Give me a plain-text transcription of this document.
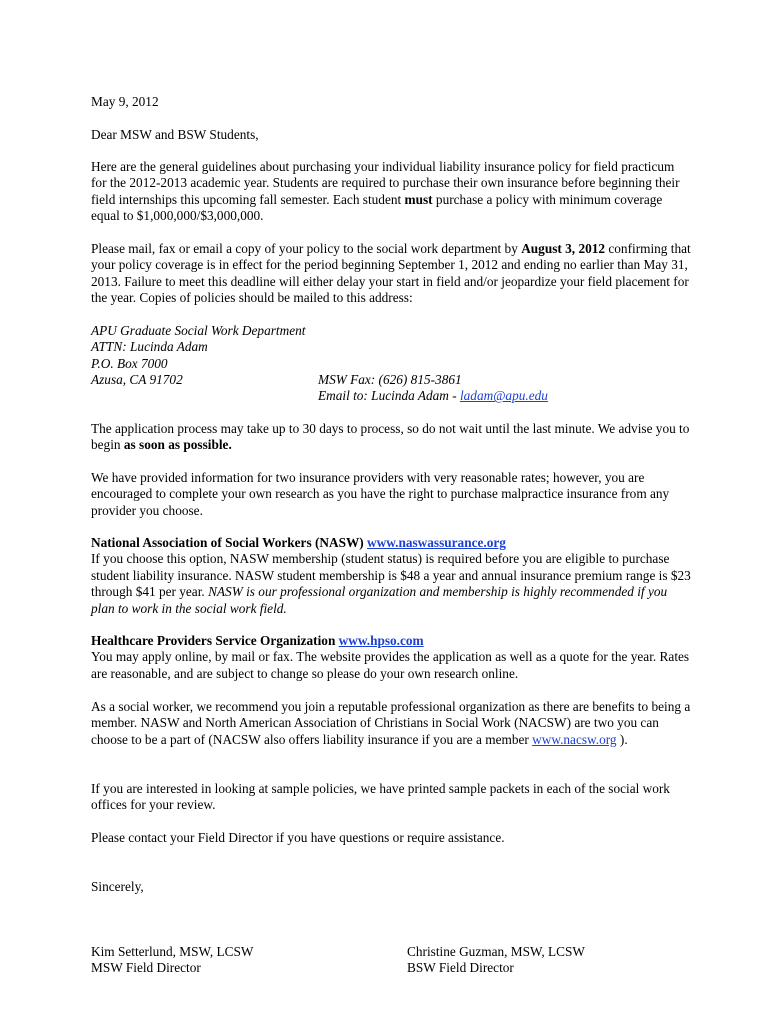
May 9, 2012

Dear MSW and BSW Students,

Here are the general guidelines about purchasing your individual liability insurance policy for field practicum for the 2012-2013 academic year. Students are required to purchase their own insurance before beginning their field internships this upcoming fall semester. Each student must purchase a policy with minimum coverage equal to $1,000,000/$3,000,000.

Please mail, fax or email a copy of your policy to the social work department by August 3, 2012 confirming that your policy coverage is in effect for the period beginning September 1, 2012 and ending no earlier than May 31, 2013. Failure to meet this deadline will either delay your start in field and/or jeopardize your field placement for the year. Copies of policies should be mailed to this address:

APU Graduate Social Work Department
ATTN: Lucinda Adam
P.O. Box 7000
Azusa, CA 91702	MSW Fax: (626) 815-3861
Email to: Lucinda Adam - ladam@apu.edu

The application process may take up to 30 days to process, so do not wait until the last minute. We advise you to begin as soon as possible.

We have provided information for two insurance providers with very reasonable rates; however, you are encouraged to complete your own research as you have the right to purchase malpractice insurance from any provider you choose.

National Association of Social Workers (NASW) www.naswassurance.org
If you choose this option, NASW membership (student status) is required before you are eligible to purchase student liability insurance. NASW student membership is $48 a year and annual insurance premium range is $23 through $41 per year. NASW is our professional organization and membership is highly recommended if you plan to work in the social work field.
Healthcare Providers Service Organization www.hpso.com
You may apply online, by mail or fax. The website provides the application as well as a quote for the year. Rates are reasonable, and are subject to change so please do your own research online.

As a social worker, we recommend you join a reputable professional organization as there are benefits to being a member. NASW and North American Association of Christians in Social Work (NACSW) are two you can choose to be a part of (NACSW also offers liability insurance if you are a member www.nacsw.org ).

If you are interested in looking at sample policies, we have printed sample packets in each of the social work offices for your review.

Please contact your Field Director if you have questions or require assistance.

Sincerely,

Kim Setterlund, MSW, LCSW
MSW Field Director
Christine Guzman, MSW, LCSW
BSW Field Director
